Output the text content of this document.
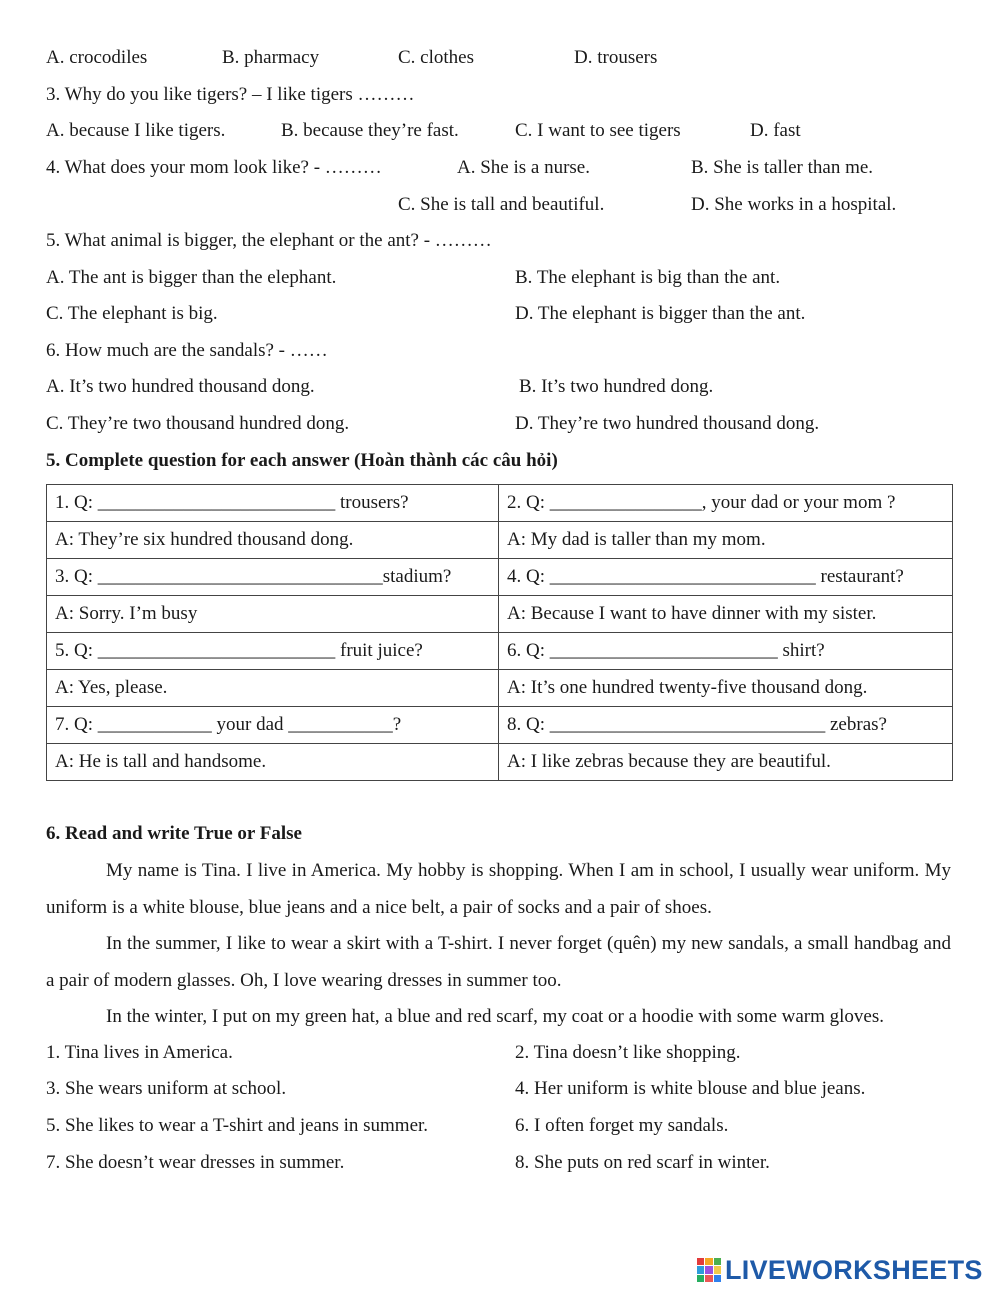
A. crocodiles	B. pharmacy	C. clothes	D. trousers
3. Why do you like tigers? – I like tigers ………
A. because I like tigers.	B. because they’re fast.	C. I want to see tigers	D. fast
4. What does your mom look like? - ………	A. She is a nurse.	B. She is taller than me.
C. She is tall and beautiful.	D. She works in a hospital.
5. What animal is bigger, the elephant or the ant? - ………
A. The ant is bigger than the elephant.	B. The elephant is big than the ant.
C. The elephant is big.	D. The elephant is bigger than the ant.
6. How much are the sandals? - ……
A. It’s two hundred thousand dong.	B. It’s two hundred dong.
C. They’re two thousand hundred dong.	D. They’re two hundred thousand dong.
5. Complete question for each answer (Hoàn thành các câu hỏi)
1. Q: _________________________ trousers?	2. Q: ________________, your dad or your mom ?
A: They’re six hundred thousand dong.	A: My dad is taller than my mom.
3. Q: ______________________________stadium?	4. Q: ____________________________ restaurant?
A: Sorry. I’m busy	A: Because I want to have dinner with my sister.
5. Q: _________________________ fruit juice?	6. Q: ________________________ shirt?
A: Yes, please.	A: It’s one hundred twenty-five thousand dong.
7. Q: ____________ your dad ___________?	8. Q: _____________________________ zebras?
A: He is tall and handsome.	A: I like zebras because they are beautiful.
6. Read and write True or False
My name is Tina. I live in America. My hobby is shopping. When I am in school, I usually wear uniform. My uniform is a white blouse, blue jeans and a nice belt, a pair of socks and a pair of shoes.
In the summer, I like to wear a skirt with a T-shirt. I never forget (quên) my new sandals, a small handbag and a pair of modern glasses. Oh, I love wearing dresses in summer too.
In the winter, I put on my green hat, a blue and red scarf, my coat or a hoodie with some warm gloves.
1. Tina lives in America.	2. Tina doesn’t like shopping.
3. She wears uniform at school.	4. Her uniform is white blouse and blue jeans.
5. She likes to wear a T-shirt and jeans in summer.	6. I often forget my sandals.
7. She doesn’t wear dresses in summer.	8. She puts on red scarf in winter.
LIVEWORKSHEETS
